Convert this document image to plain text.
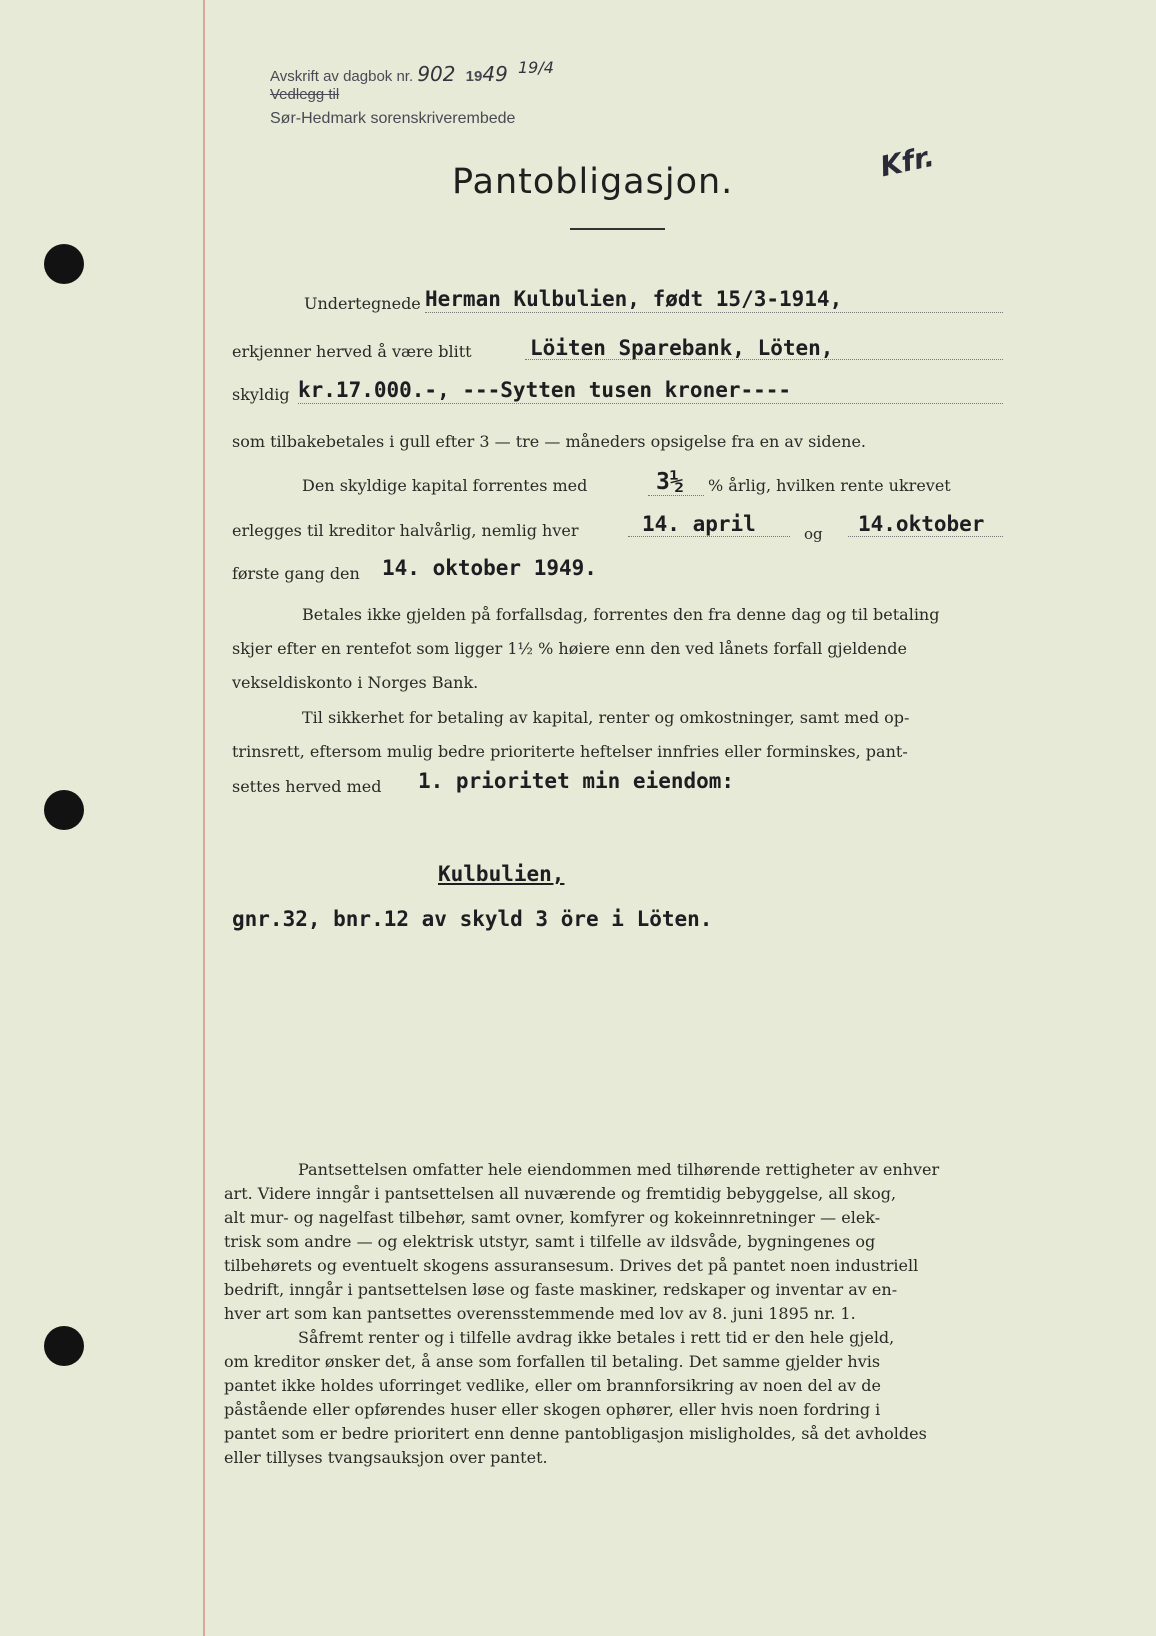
Avskrift av dagbok nr. 902 1949 19/4
Vedlegg til
Sør-Hedmark sorenskriverembede
Kfr.
Pantobligasjon.
Undertegnede Herman Kulbulien, født 15/3-1914,
erkjenner herved å være blitt	Löiten Sparebank, Löten,
skyldig kr.17.000.-, ---Sytten tusen kroner----
som tilbakebetales i gull efter 3 — tre — måneders opsigelse fra en av sidene.
Den skyldige kapital forrentes med	3½ % årlig, hvilken rente ukrevet
erlegges til kreditor halvårlig, nemlig hver	14. april	og 14.oktober
første gang den 14. oktober 1949.
Betales ikke gjelden på forfallsdag, forrentes den fra denne dag og til betaling
skjer efter en rentefot som ligger 1½ % høiere enn den ved lånets forfall gjeldende
vekseldiskonto i Norges Bank.
Til sikkerhet for betaling av kapital, renter og omkostninger, samt med op-
trinsrett, eftersom mulig bedre prioriterte heftelser innfries eller forminskes, pant-
settes herved med 1. prioritet min eiendom:
Kulbulien,
gnr.32, bnr.12 av skyld 3 öre i Löten.
Pantsettelsen omfatter hele eiendommen med tilhørende rettigheter av enhver
art. Videre inngår i pantsettelsen all nuværende og fremtidig bebyggelse, all skog,
alt mur- og nagelfast tilbehør, samt ovner, komfyrer og kokeinnretninger — elek-
trisk som andre — og elektrisk utstyr, samt i tilfelle av ildsvåde, bygningenes og
tilbehørets og eventuelt skogens assuransesum. Drives det på pantet noen industriell
bedrift, inngår i pantsettelsen løse og faste maskiner, redskaper og inventar av en-
hver art som kan pantsettes overensstemmende med lov av 8. juni 1895 nr. 1.
Såfremt renter og i tilfelle avdrag ikke betales i rett tid er den hele gjeld,
om kreditor ønsker det, å anse som forfallen til betaling. Det samme gjelder hvis
pantet ikke holdes uforringet vedlike, eller om brannforsikring av noen del av de
påstående eller opførendes huser eller skogen ophører, eller hvis noen fordring i
pantet som er bedre prioritert enn denne pantobligasjon misligholdes, så det avholdes
eller tillyses tvangsauksjon over pantet.
